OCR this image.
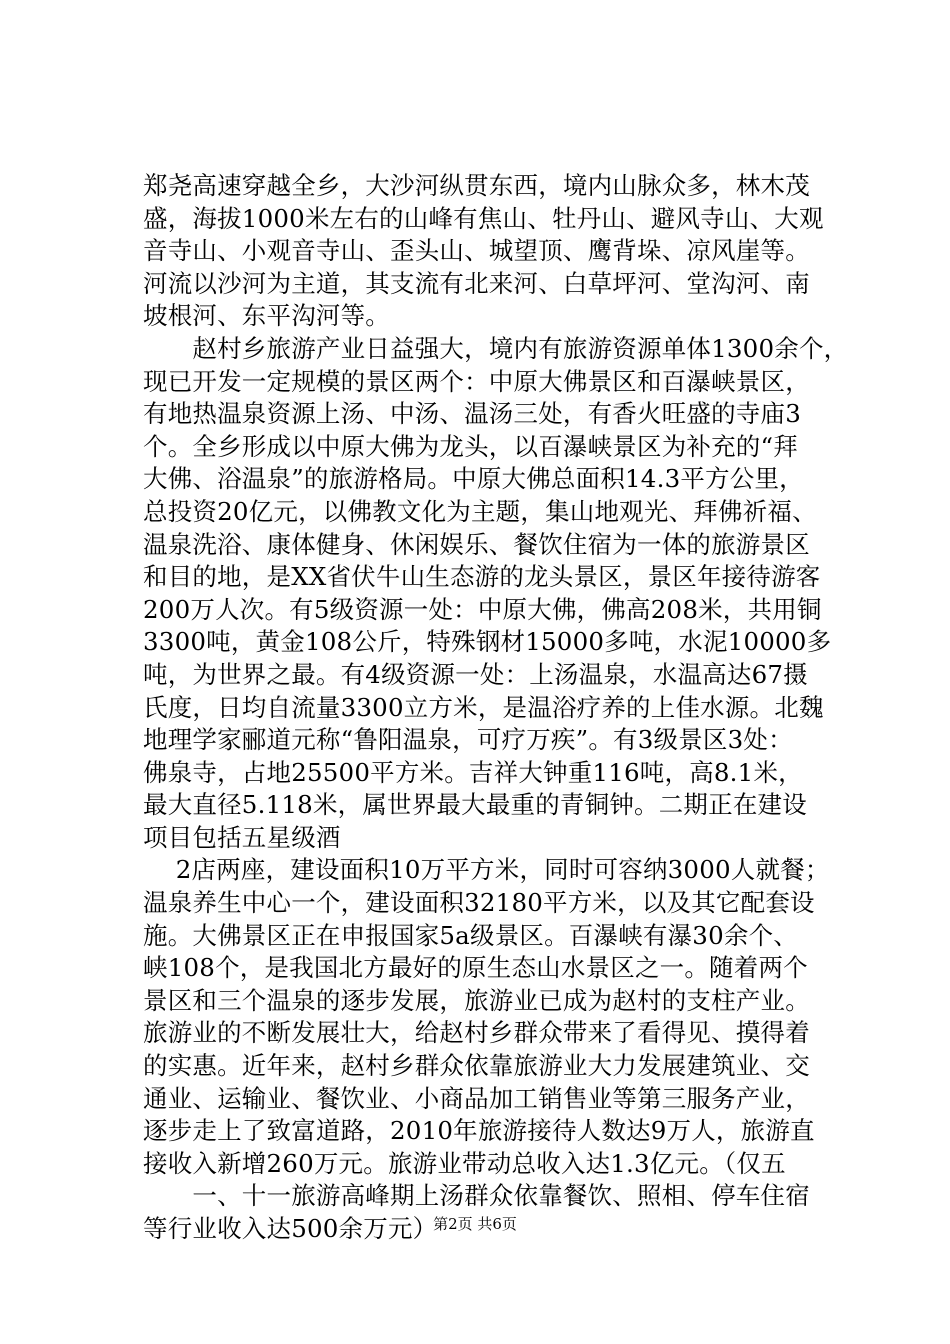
郑尧高速穿越全乡，大沙河纵贯东西，境内山脉众多，林木茂
盛，海拔1000米左右的山峰有焦山、牡丹山、避风寺山、大观
音寺山、小观音寺山、歪头山、城望顶、鹰背垛、凉风崖等。
河流以沙河为主道，其支流有北来河、白草坪河、堂沟河、南
坡根河、东平沟河等。
　　赵村乡旅游产业日益强大，境内有旅游资源单体1300余个，
现已开发一定规模的景区两个：中原大佛景区和百瀑峡景区，
有地热温泉资源上汤、中汤、温汤三处，有香火旺盛的寺庙3
个。全乡形成以中原大佛为龙头，以百瀑峡景区为补充的“拜
大佛、浴温泉”的旅游格局。中原大佛总面积14.3平方公里，
总投资20亿元，以佛教文化为主题，集山地观光、拜佛祈福、
温泉洗浴、康体健身、休闲娱乐、餐饮住宿为一体的旅游景区
和目的地，是XX省伏牛山生态游的龙头景区，景区年接待游客
200万人次。有5级资源一处：中原大佛，佛高208米，共用铜
3300吨，黄金108公斤，特殊钢材15000多吨，水泥10000多
吨，为世界之最。有4级资源一处：上汤温泉，水温高达67摄
氏度，日均自流量3300立方米，是温浴疗养的上佳水源。北魏
地理学家郦道元称“鲁阳温泉，可疗万疾”。有3级景区3处：
佛泉寺，占地25500平方米。吉祥大钟重116吨，高8.1米，
最大直径5.118米，属世界最大最重的青铜钟。二期正在建设
项目包括五星级酒
　 2店两座，建设面积10万平方米，同时可容纳3000人就餐；
温泉养生中心一个，建设面积32180平方米，以及其它配套设
施。大佛景区正在申报国家5a级景区。百瀑峡有瀑30余个、
峡108个，是我国北方最好的原生态山水景区之一。随着两个
景区和三个温泉的逐步发展，旅游业已成为赵村的支柱产业。
旅游业的不断发展壮大，给赵村乡群众带来了看得见、摸得着
的实惠。近年来，赵村乡群众依靠旅游业大力发展建筑业、交
通业、运输业、餐饮业、小商品加工销售业等第三服务产业，
逐步走上了致富道路，2010年旅游接待人数达9万人，旅游直
接收入新增260万元。旅游业带动总收入达1.3亿元。（仅五
　　一、十一旅游高峰期上汤群众依靠餐饮、照相、停车住宿
等行业收入达500余万元）
第2页 共6页
